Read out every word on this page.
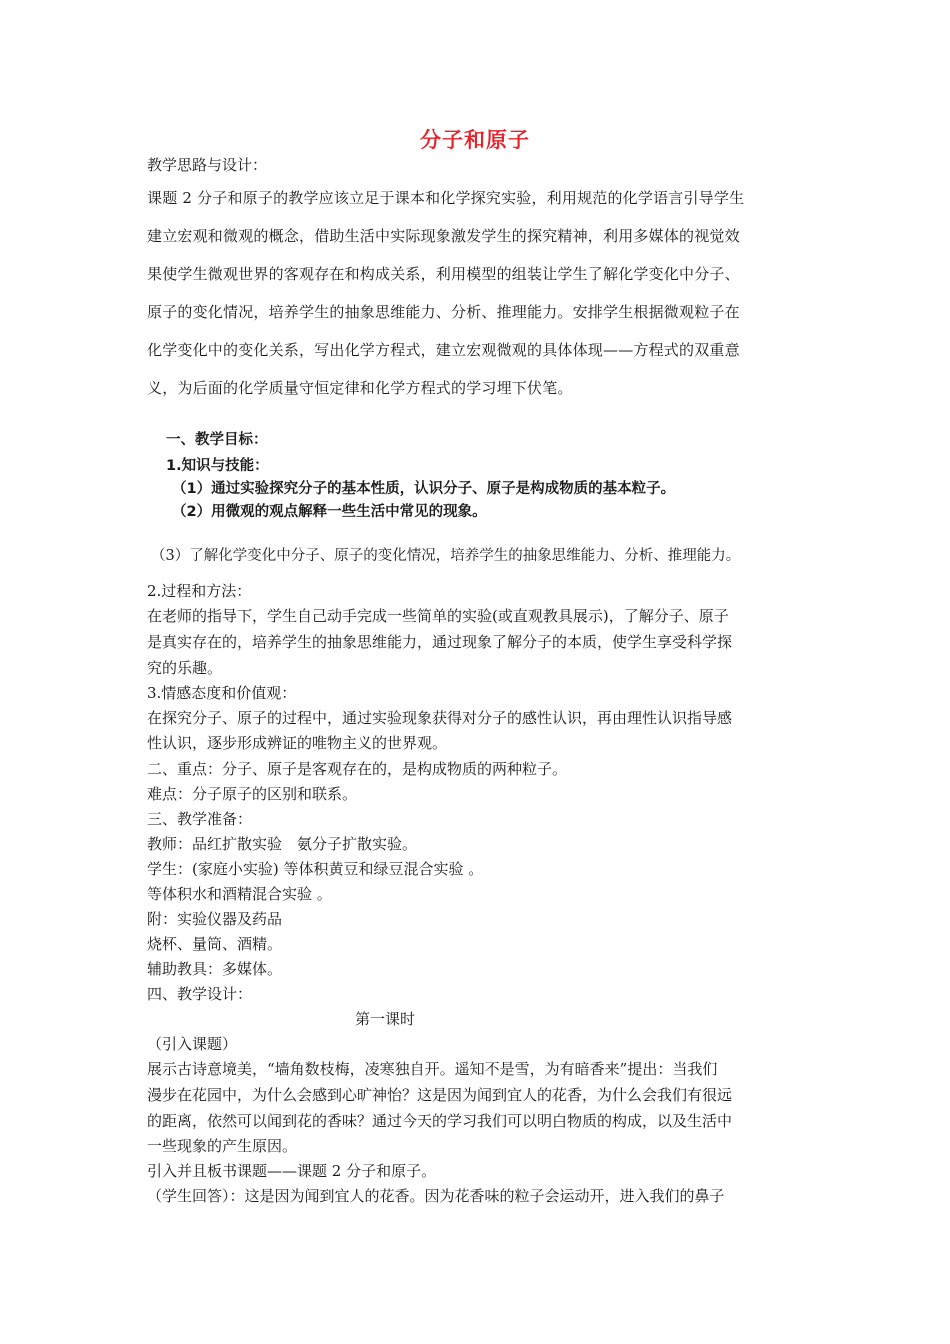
分子和原子
教学思路与设计：
课题 2 分子和原子的教学应该立足于课本和化学探究实验，利用规范的化学语言引导学生
建立宏观和微观的概念，借助生活中实际现象激发学生的探究精神，利用多媒体的视觉效
果使学生微观世界的客观存在和构成关系，利用模型的组装让学生了解化学变化中分子、
原子的变化情况，培养学生的抽象思维能力、分析、推理能力。安排学生根据微观粒子在
化学变化中的变化关系，写出化学方程式，建立宏观微观的具体体现——方程式的双重意
义，为后面的化学质量守恒定律和化学方程式的学习埋下伏笔。
一、教学目标：
1.知识与技能：
（1）通过实验探究分子的基本性质，认识分子、原子是构成物质的基本粒子。
（2）用微观的观点解释一些生活中常见的现象。
（3）了解化学变化中分子、原子的变化情况，培养学生的抽象思维能力、分析、推理能力。
2.过程和方法：
在老师的指导下，学生自己动手完成一些简单的实验(或直观教具展示)，了解分子、原子
是真实存在的，培养学生的抽象思维能力，通过现象了解分子的本质，使学生享受科学探
究的乐趣。
3.情感态度和价值观：
在探究分子、原子的过程中，通过实验现象获得对分子的感性认识，再由理性认识指导感
性认识，逐步形成辨证的唯物主义的世界观。
二、重点：分子、原子是客观存在的，是构成物质的两种粒子。
难点：分子原子的区别和联系。
三、教学准备：
教师：品红扩散实验　氨分子扩散实验。
学生：(家庭小实验) 等体积黄豆和绿豆混合实验 。
等体积水和酒精混合实验 。
附：实验仪器及药品
烧杯、量筒、酒精。
辅助教具：多媒体。
四、教学设计：
第一课时
（引入课题）
展示古诗意境美，“墙角数枝梅，凌寒独自开。遥知不是雪，为有暗香来”提出：当我们
漫步在花园中，为什么会感到心旷神怡？这是因为闻到宜人的花香，为什么会我们有很远
的距离，依然可以闻到花的香味？通过今天的学习我们可以明白物质的构成，以及生活中
一些现象的产生原因。
引入并且板书课题——课题 2 分子和原子。
（学生回答）：这是因为闻到宜人的花香。因为花香味的粒子会运动开，进入我们的鼻子
